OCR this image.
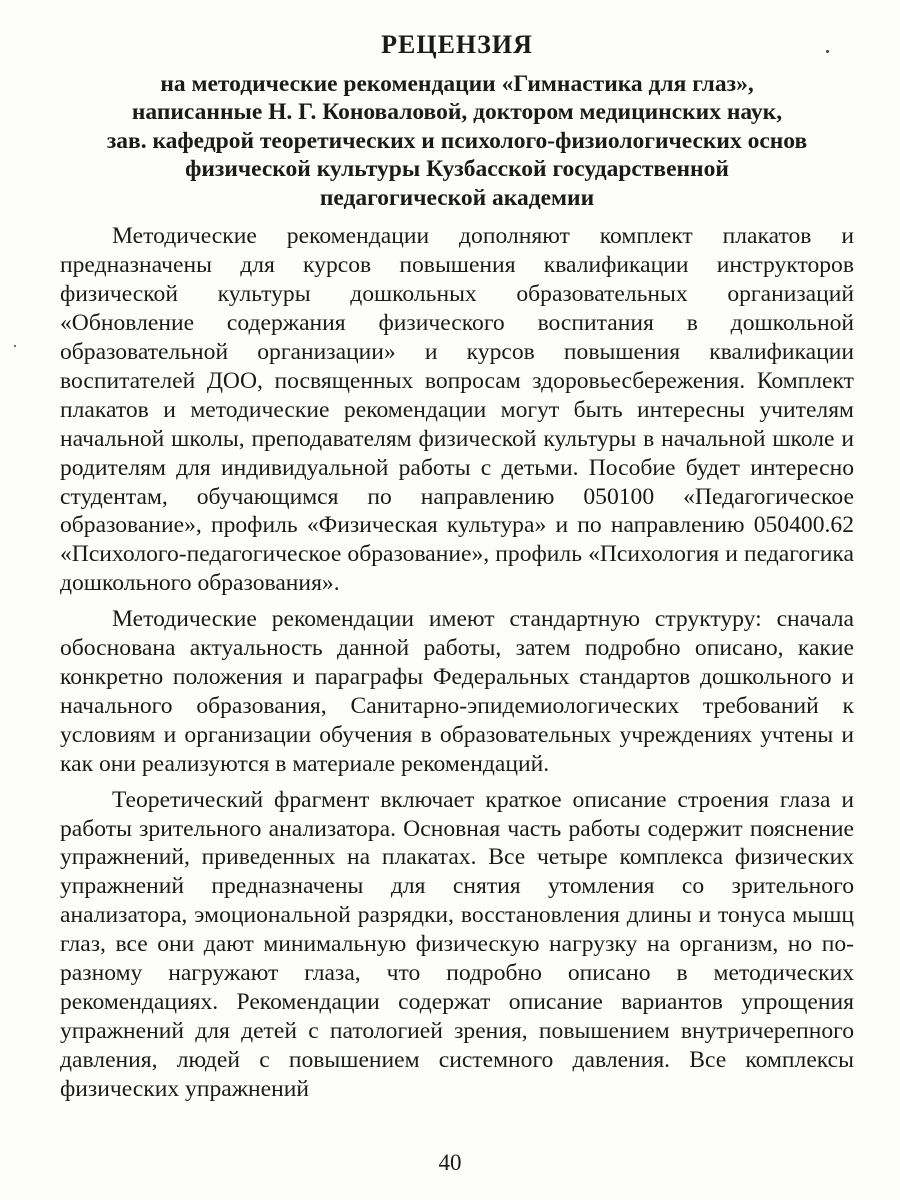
РЕЦЕНЗИЯ
на методические рекомендации «Гимнастика для глаз»,
написанные Н. Г. Коноваловой, доктором медицинских наук,
зав. кафедрой теоретических и психолого-физиологических основ
физической культуры Кузбасской государственной
педагогической академии

Методические рекомендации дополняют комплект плакатов и предназначены для курсов повышения квалификации инструкторов физической культуры дошкольных образовательных организаций «Обновление содержания физического воспитания в дошкольной образовательной организации» и курсов повышения квалификации воспитателей ДОО, посвященных вопросам здоровьесбережения. Комплект плакатов и методические рекомендации могут быть интересны учителям начальной школы, преподавателям физической культуры в начальной школе и родителям для индивидуальной работы с детьми. Пособие будет интересно студентам, обучающимся по направлению 050100 «Педагогическое образование», профиль «Физическая культура» и по направлению 050400.62 «Психолого-педагогическое образование», профиль «Психология и педагогика дошкольного образования».

Методические рекомендации имеют стандартную структуру: сначала обоснована актуальность данной работы, затем подробно описано, какие конкретно положения и параграфы Федеральных стандартов дошкольного и начального образования, Санитарно-эпидемиологических требований к условиям и организации обучения в образовательных учреждениях учтены и как они реализуются в материале рекомендаций.

Теоретический фрагмент включает краткое описание строения глаза и работы зрительного анализатора. Основная часть работы содержит пояснение упражнений, приведенных на плакатах. Все четыре комплекса физических упражнений предназначены для снятия утомления со зрительного анализатора, эмоциональной разрядки, восстановления длины и тонуса мышц глаз, все они дают минимальную физическую нагрузку на организм, но по-разному нагружают глаза, что подробно описано в методических рекомендациях. Рекомендации содержат описание вариантов упрощения упражнений для детей с патологией зрения, повышением внутричерепного давления, людей с повышением системного давления. Все комплексы физических упражнений

40
